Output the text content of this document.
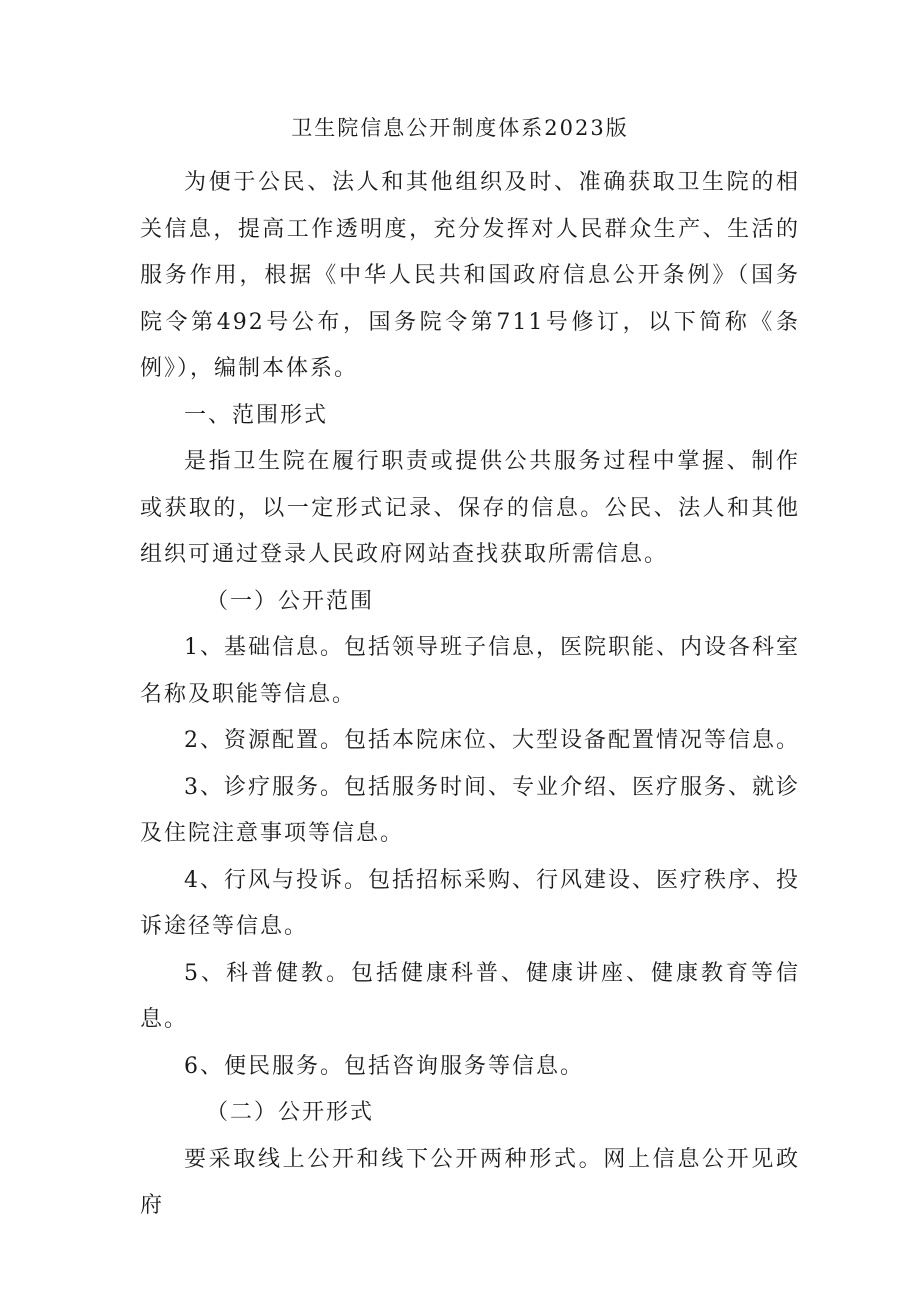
卫生院信息公开制度体系2023版

为便于公民、法人和其他组织及时、准确获取卫生院的相关信息，提高工作透明度，充分发挥对人民群众生产、生活的服务作用，根据《中华人民共和国政府信息公开条例》（国务院令第492号公布，国务院令第711号修订，以下简称《条例》），编制本体系。

一、范围形式

是指卫生院在履行职责或提供公共服务过程中掌握、制作或获取的，以一定形式记录、保存的信息。公民、法人和其他组织可通过登录人民政府网站查找获取所需信息。

（一）公开范围

1、基础信息。包括领导班子信息，医院职能、内设各科室名称及职能等信息。

2、资源配置。包括本院床位、大型设备配置情况等信息。

3、诊疗服务。包括服务时间、专业介绍、医疗服务、就诊及住院注意事项等信息。

4、行风与投诉。包括招标采购、行风建设、医疗秩序、投诉途径等信息。

5、科普健教。包括健康科普、健康讲座、健康教育等信息。

6、便民服务。包括咨询服务等信息。

（二）公开形式

要采取线上公开和线下公开两种形式。网上信息公开见政府
